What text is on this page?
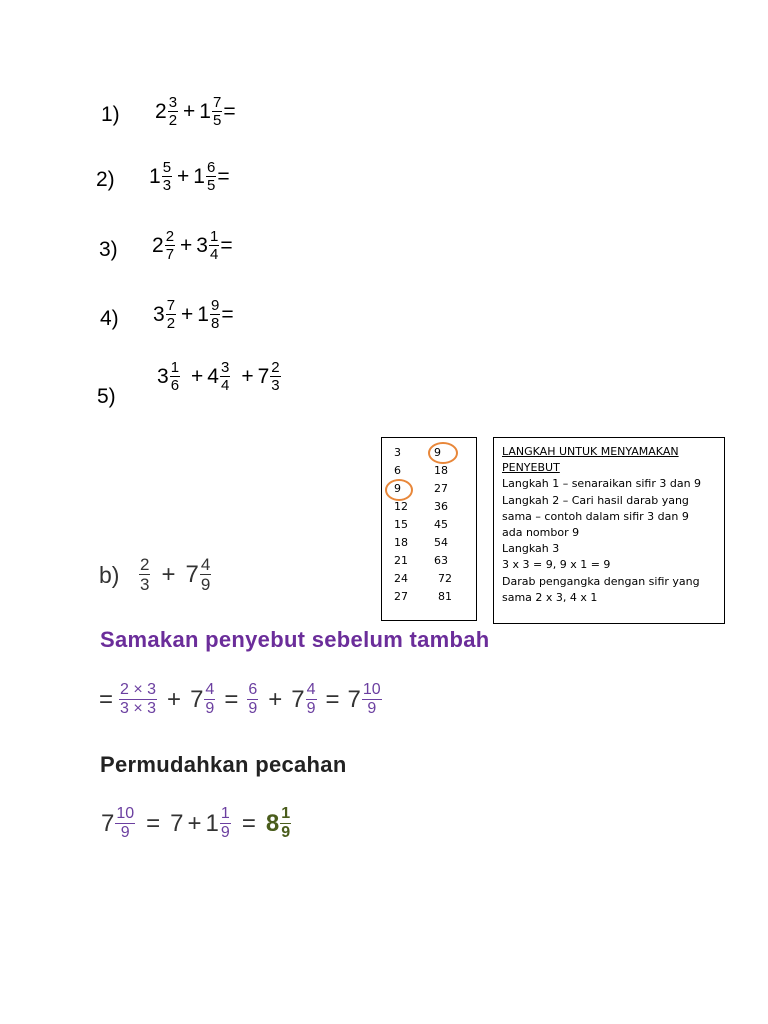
1) $2 \frac{3}{2} + 1 \frac{7}{5}$ =
2) $1 \frac{5}{3} + 1 \frac{6}{5}$ =
3) $2 \frac{2}{7} + 3 \frac{1}{4}$ =
4) $3 \frac{7}{2} + 1 \frac{9}{8}$ =
5)
$3 \frac{1}{6} + 4 \frac{3}{4} + 7 \frac{2}{3}$
3	9
6	18
9	27
12 36
15 45
18 54
21 63
24	72
27	81
LANGKAH UNTUK MENYAMAKAN
PENYEBUT
Langkah 1 – senaraikan sifir 3 dan 9
Langkah 2 – Cari hasil darab yang
sama – contoh dalam sifir 3 dan 9
ada nombor 9
Langkah 3
3 x 3 = 9, 9 x 1 = 9
Darab pengangka dengan sifir yang
sama 2 x 3, 4 x 1
$b) \frac{2}{3} + 7 \frac{4}{9}$
Samakan penyebut sebelum tambah
= $\frac{2 \times 3}{3 \times 3} + 7 \frac{4}{9} = \frac{6}{9} + 7 \frac{4}{9} = 7 \frac{10}{9}$
Permudahkan pecahan
$7 \frac{10}{9} = 7 + 1 \frac{1}{9} = 8 \frac{1}{9}$
